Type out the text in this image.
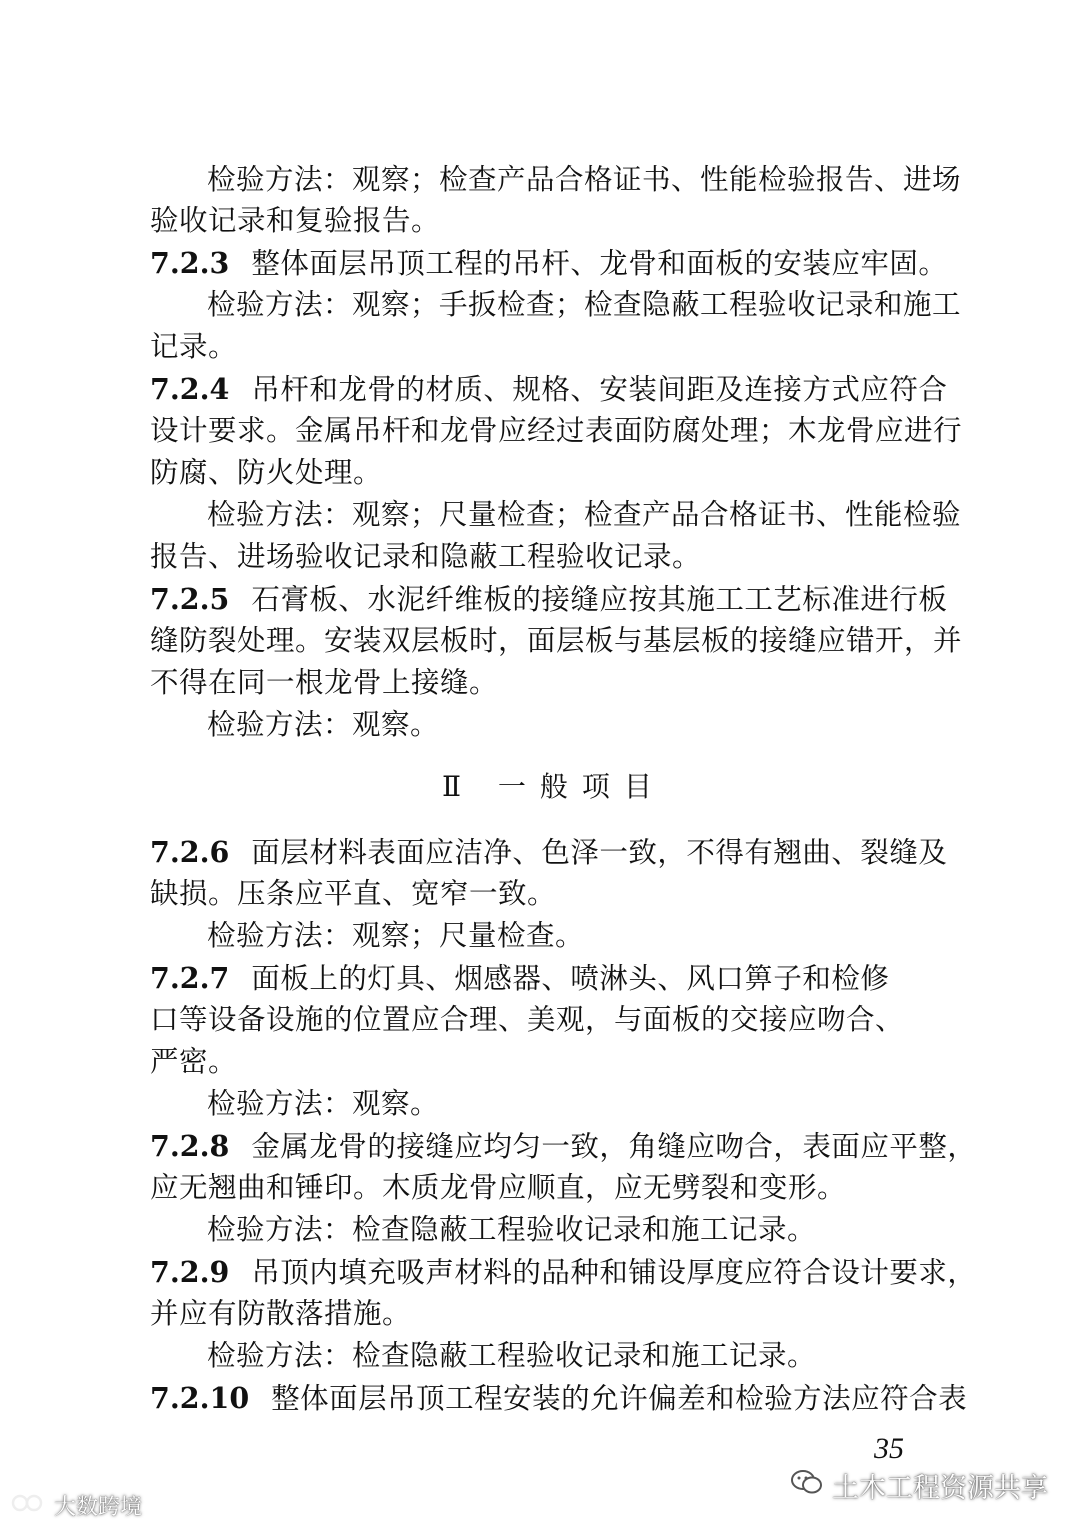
检验方法：观察；检查产品合格证书、性能检验报告、进场
验收记录和复验报告。
7.2.3 整体面层吊顶工程的吊杆、龙骨和面板的安装应牢固。
检验方法：观察；手扳检查；检查隐蔽工程验收记录和施工
记录。
7.2.4 吊杆和龙骨的材质、规格、安装间距及连接方式应符合
设计要求。金属吊杆和龙骨应经过表面防腐处理；木龙骨应进行
防腐、防火处理。
检验方法：观察；尺量检查；检查产品合格证书、性能检验
报告、进场验收记录和隐蔽工程验收记录。
7.2.5 石膏板、水泥纤维板的接缝应按其施工工艺标准进行板
缝防裂处理。安装双层板时，面层板与基层板的接缝应错开，并
不得在同一根龙骨上接缝。
检验方法：观察。
Ⅱ 一般项目
7.2.6 面层材料表面应洁净、色泽一致，不得有翘曲、裂缝及
缺损。压条应平直、宽窄一致。
检验方法：观察；尺量检查。
7.2.7 面板上的灯具、烟感器、喷淋头、风口箅子和检修
口等设备设施的位置应合理、美观，与面板的交接应吻合、
严密。
检验方法：观察。
7.2.8 金属龙骨的接缝应均匀一致，角缝应吻合，表面应平整，
应无翘曲和锤印。木质龙骨应顺直，应无劈裂和变形。
检验方法：检查隐蔽工程验收记录和施工记录。
7.2.9 吊顶内填充吸声材料的品种和铺设厚度应符合设计要求，
并应有防散落措施。
检验方法：检查隐蔽工程验收记录和施工记录。
7.2.10 整体面层吊顶工程安装的允许偏差和检验方法应符合表
35
土木工程资源共享
大数跨境
